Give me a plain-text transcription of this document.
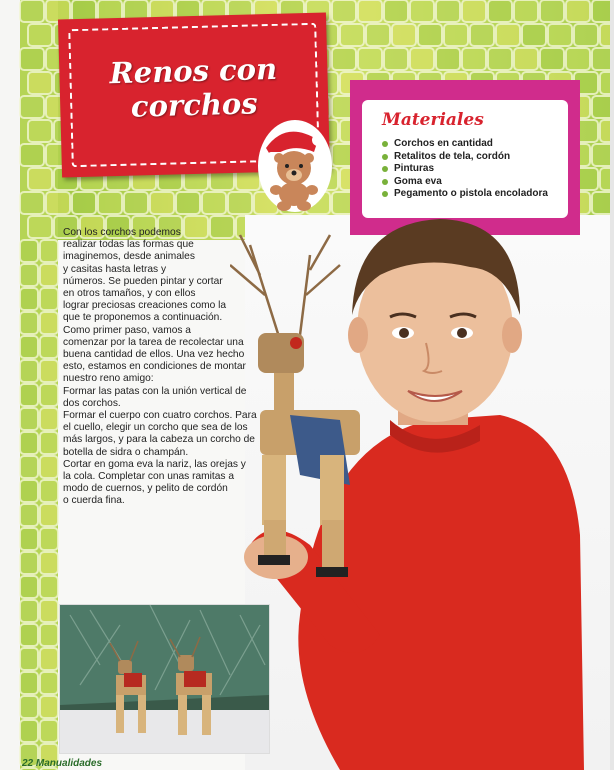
Renos con
corchos	Materiales
Corchos en cantidad
Retalitos de tela, cordón
Pinturas
Goma eva
Pegamento o pistola encoladora

Con los corchos podemos

realizar todas las formas que

imaginemos, desde animales

y casitas hasta letras y

números. Se pueden pintar y cortar

en otros tamaños, y con ellos

lograr preciosas creaciones como la

que te proponemos a continuación.

Como primer paso, vamos a

comenzar por la tarea de recolectar una

buena cantidad de ellos. Una vez hecho

esto, estamos en condiciones de montar

nuestro reno amigo:

Formar las patas con la unión vertical de

dos corchos.

Formar el cuerpo con cuatro corchos. Para

el cuello, elegir un corcho que sea de los

más largos, y para la cabeza un corcho de

botella de sidra o champán.

Cortar en goma eva la nariz, las orejas y

la cola. Completar con unas ramitas a

modo de cuernos, y pelito de cordón

o cuerda fina.

22 Manualidades
